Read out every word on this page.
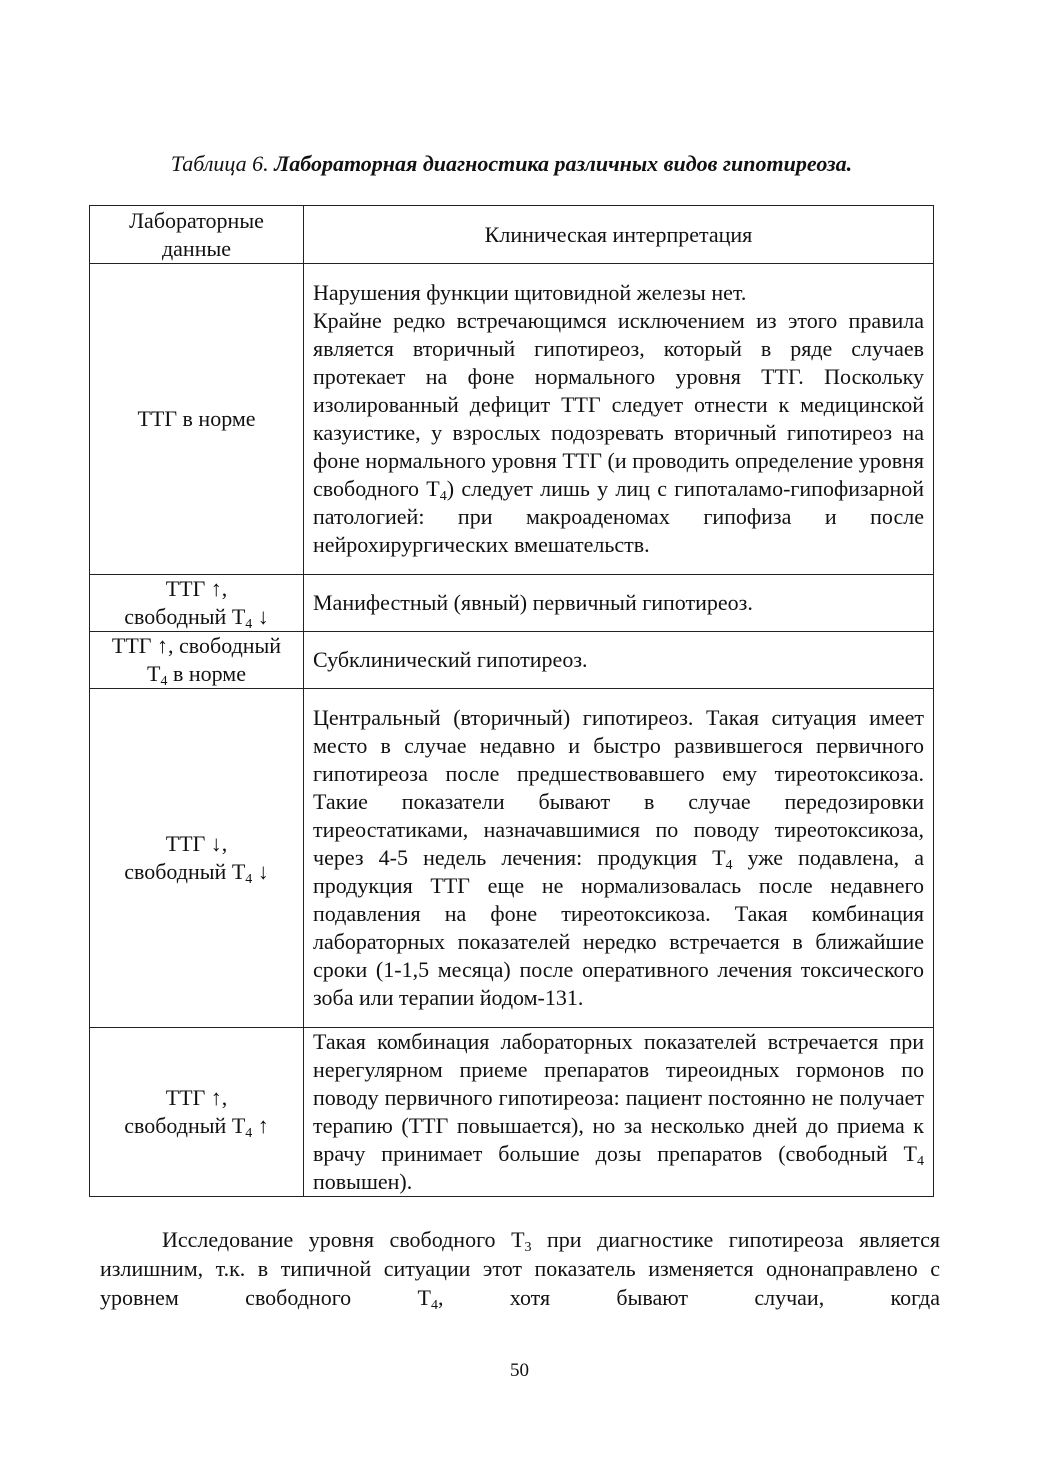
Таблица 6. Лабораторная диагностика различных видов гипотиреоза.
Лабораторные данные	Клиническая интерпретация
ТТГ в норме	Нарушения функции щитовидной железы нет.
Крайне редко встречающимся исключением из этого правила является вторичный гипотиреоз, который в ряде случаев протекает на фоне нормального уровня ТТГ. Поскольку изолированный дефицит ТТГ следует отнести к медицинской казуистике, у взрослых подозревать вторичный гипотиреоз на фоне нормального уровня ТТГ (и проводить определение уровня свободного $Т_4$) следует лишь у лиц с гипоталамо-гипофизарной патологией: при макроаденомах гипофиза и после нейрохирургических вмешательств.

ТТГ ↑,
свободный $Т_4$ ↓	Манифестный (явный) первичный гипотиреоз.

ТТГ ↑, свободный
$Т_4$ в норме	Субклинический гипотиреоз.

ТТГ ↓,
свободный $Т_4$ ↓	Центральный (вторичный) гипотиреоз. Такая ситуация имеет место в случае недавно и быстро развившегося первичного гипотиреоза после предшествовавшего ему тиреотоксикоза. Такие показатели бывают в случае передозировки тиреостатиками, назначавшимися по поводу тиреотоксикоза, через 4-5 недель лечения: продукция $Т_4$ уже подавлена, а продукция ТТГ еще не нормализовалась после недавнего подавления на фоне тиреотоксикоза. Такая комбинация лабораторных показателей нередко встречается в ближайшие сроки (1-1,5 месяца) после оперативного лечения токсического зоба или терапии йодом-131.

ТТГ ↑,
свободный $Т_4$ ↑	Такая комбинация лабораторных показателей встречается при нерегулярном приеме препаратов тиреоидных гормонов по поводу первичного гипотиреоза: пациент постоянно не получает терапию (ТТГ повышается), но за несколько дней до приема к врачу принимает большие дозы препаратов (свободный $Т_4$ повышен).
Исследование уровня свободного $Т_3$ при диагностике гипотиреоза является излишним, т.к. в типичной ситуации этот показатель изменяется однонаправлено с уровнем свободного $Т_4$, хотя бывают случаи, когда
50
